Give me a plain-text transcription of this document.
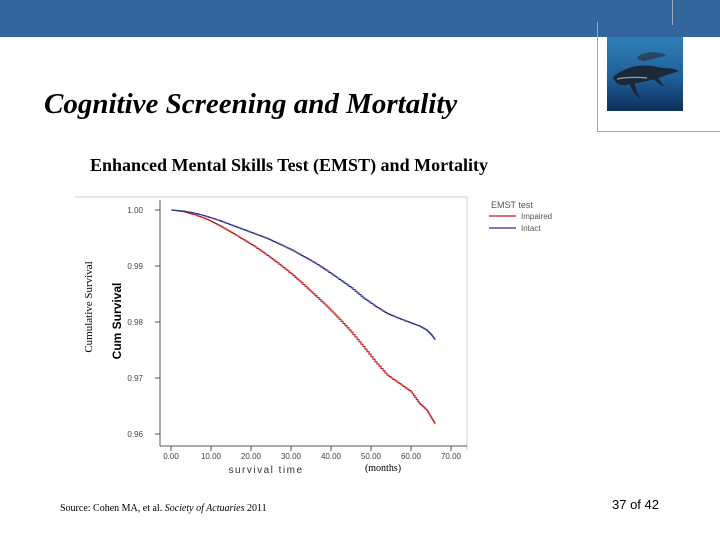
Cognitive Screening and Mortality
Enhanced Mental Skills Test (EMST) and Mortality
Cumulative Survival Cum Survival
1.00
0.99
0.98
0.97
0.96
0.00	10.00 20.00 30.00 40.00 50.00 60.00 70.00
survival time	(months)
EMST test
Impaired
Intact
Source: Cohen MA, et al. Society of Actuaries 2011	37 of 42
